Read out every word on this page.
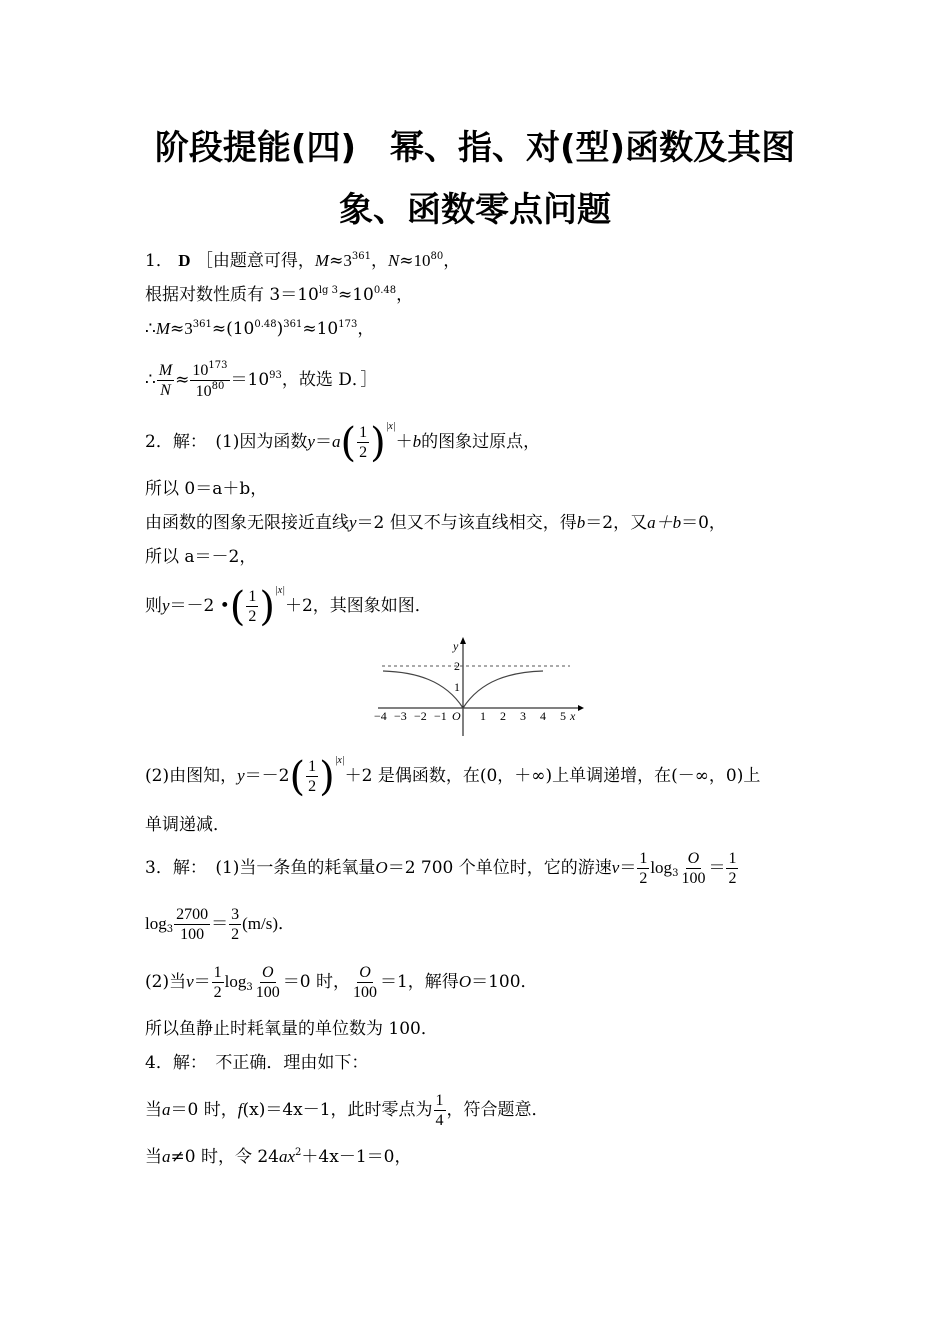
阶段提能(四)　幂、指、对(型)函数及其图
象、函数零点问题
1． D ［由题意可得，$M\approx 3^{361}$，$N\approx 10^{80}$，
根据对数性质有 $3=10^{lg 3}\approx 10^{0.48}$，
$\therefore M\approx 3^{361}\approx(10^{0.48})^{361}\approx 10^{173}$，
∴ $\frac{M}{N} \approx \frac{10^{173}}{10^{80}} =10^{93}$，故选 D．］
2．解：　(1)因为函数$y=a( \frac{1}{2} )^{|x|}+b$的图象过原点，
所以 0＝a＋b，
由函数的图象无限接近直线y＝2 但又不与该直线相交，得b＝2，又a＋b＝0，
所以 a＝－2，
则y＝－2 •( $\frac{1}{2} )^{|x|}+2$，其图象如图．
y
x
O
1
2
−4 −3 −2 −1	1 2 3 4 5
(2)由图知，$y=-2( \frac{1}{2} )^{|x|}+2$ 是偶函数，在(0，＋∞)上单调递增，在(－∞，0)上
单调递减．
3．解：　(1)当一条鱼的耗氧量O＝2 700 个单位时，它的游速$v= \frac{1}{2} \log_3 \frac{O}{100} = \frac{1}{2}$
$\log_3 \frac{2700}{100} = \frac{3}{2} (m/s)$．
(2)当$v= \frac{1}{2} \log_3 \frac{O}{100} =0$ 时， $\frac{O}{100} =1$，解得O＝100．
所以鱼静止时耗氧量的单位数为 100．
4．解：　不正确．理由如下：
当a＝0 时，f(x)＝4x－1，此时零点为 $\frac{1}{4}$ ，符合题意．
当a≠0 时，令 $24ax^2+4x-1=0$，
